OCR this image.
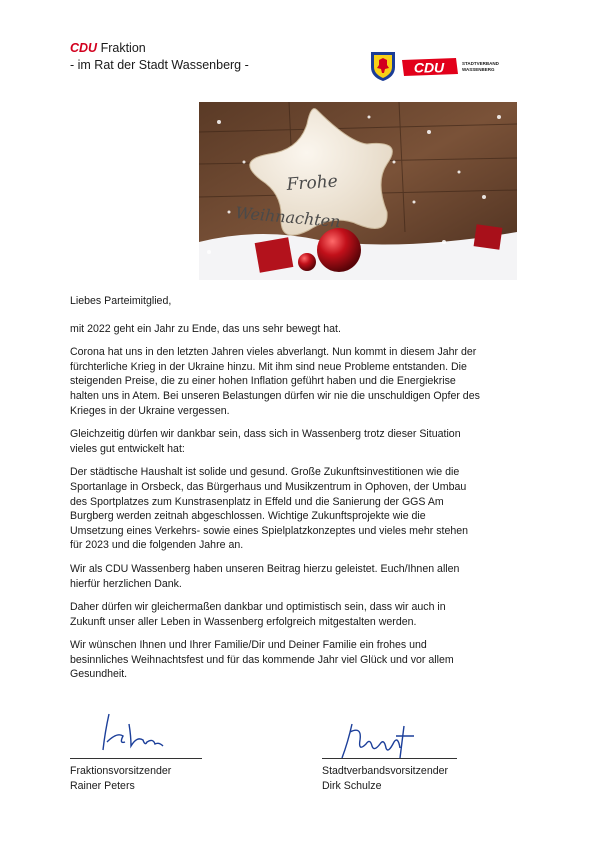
CDU Fraktion
- im Rat der Stadt Wassenberg -	CDU	STADTVERBAND
WASSENBERG
Frohe
Weihnachten

Liebes Parteimitglied,

mit 2022 geht ein Jahr zu Ende, das uns sehr bewegt hat.

Corona hat uns in den letzten Jahren vieles abverlangt. Nun kommt in diesem Jahr der fürchterliche Krieg in der Ukraine hinzu. Mit ihm sind neue Probleme entstanden. Die steigenden Preise, die zu einer hohen Inflation geführt haben und die Energiekrise halten uns in Atem. Bei unseren Belastungen dürfen wir nie die unschuldigen Opfer des Krieges in der Ukraine vergessen.

Gleichzeitig dürfen wir dankbar sein, dass sich in Wassenberg trotz dieser Situation vieles gut entwickelt hat:

Der städtische Haushalt ist solide und gesund. Große Zukunftsinvestitionen wie die Sportanlage in Orsbeck, das Bürgerhaus und Musikzentrum in Ophoven, der Umbau des Sportplatzes zum Kunstrasenplatz in Effeld und die Sanierung der GGS Am Burgberg werden zeitnah abgeschlossen. Wichtige Zukunftsprojekte wie die Umsetzung eines Verkehrs- sowie eines Spielplatzkonzeptes und vieles mehr stehen für 2023 und die folgenden Jahre an.

Wir als CDU Wassenberg haben unseren Beitrag hierzu geleistet. Euch/Ihnen allen hierfür herzlichen Dank.

Daher dürfen wir gleichermaßen dankbar und optimistisch sein, dass wir auch in Zukunft unser aller Leben in Wassenberg erfolgreich mitgestalten werden.

Wir wünschen Ihnen und Ihrer Familie/Dir und Deiner Familie ein frohes und besinnliches Weihnachtsfest und für das kommende Jahr viel Glück und vor allem Gesundheit.

Fraktionsvorsitzender
Rainer Peters
Stadtverbandsvorsitzender
Dirk Schulze
